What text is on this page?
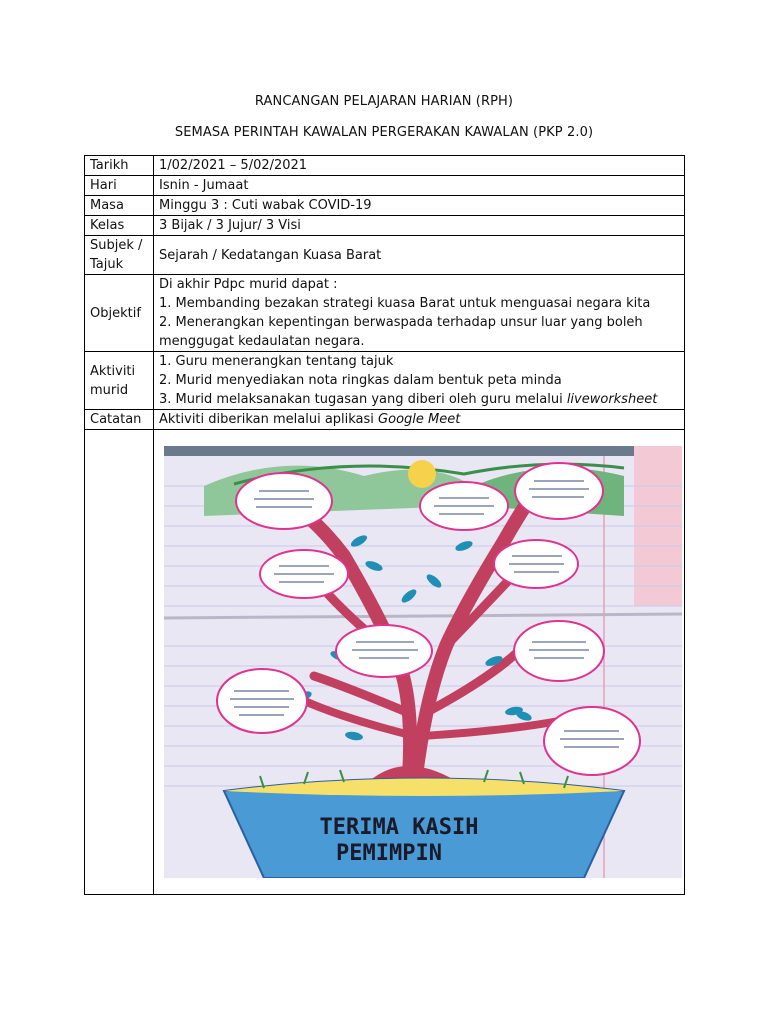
RANCANGAN PELAJARAN HARIAN (RPH)
SEMASA PERINTAH KAWALAN PERGERAKAN KAWALAN (PKP 2.0)
Tarikh	1/02/2021 – 5/02/2021
Hari	Isnin - Jumaat
Masa	Minggu 3 : Cuti wabak COVID-19
Kelas	3 Bijak / 3 Jujur/ 3 Visi

Subjek /
Tajuk	Sejarah / Kedatangan Kuasa Barat
Objektif	Di akhir Pdpc murid dapat :
1. Membanding bezakan strategi kuasa Barat untuk menguasai negara kita
2. Menerangkan kepentingan berwaspada terhadap unsur luar yang boleh menggugat kedaulatan negara.

Aktiviti
murid	1. Guru menerangkan tentang tajuk
2. Murid menyediakan nota ringkas dalam bentuk peta minda
3. Murid melaksanakan tugasan yang diberi oleh guru melalui liveworksheet

Catatan	Aktiviti diberikan melalui aplikasi Google Meet

TERIMA KASIH
PEMIMPIN
